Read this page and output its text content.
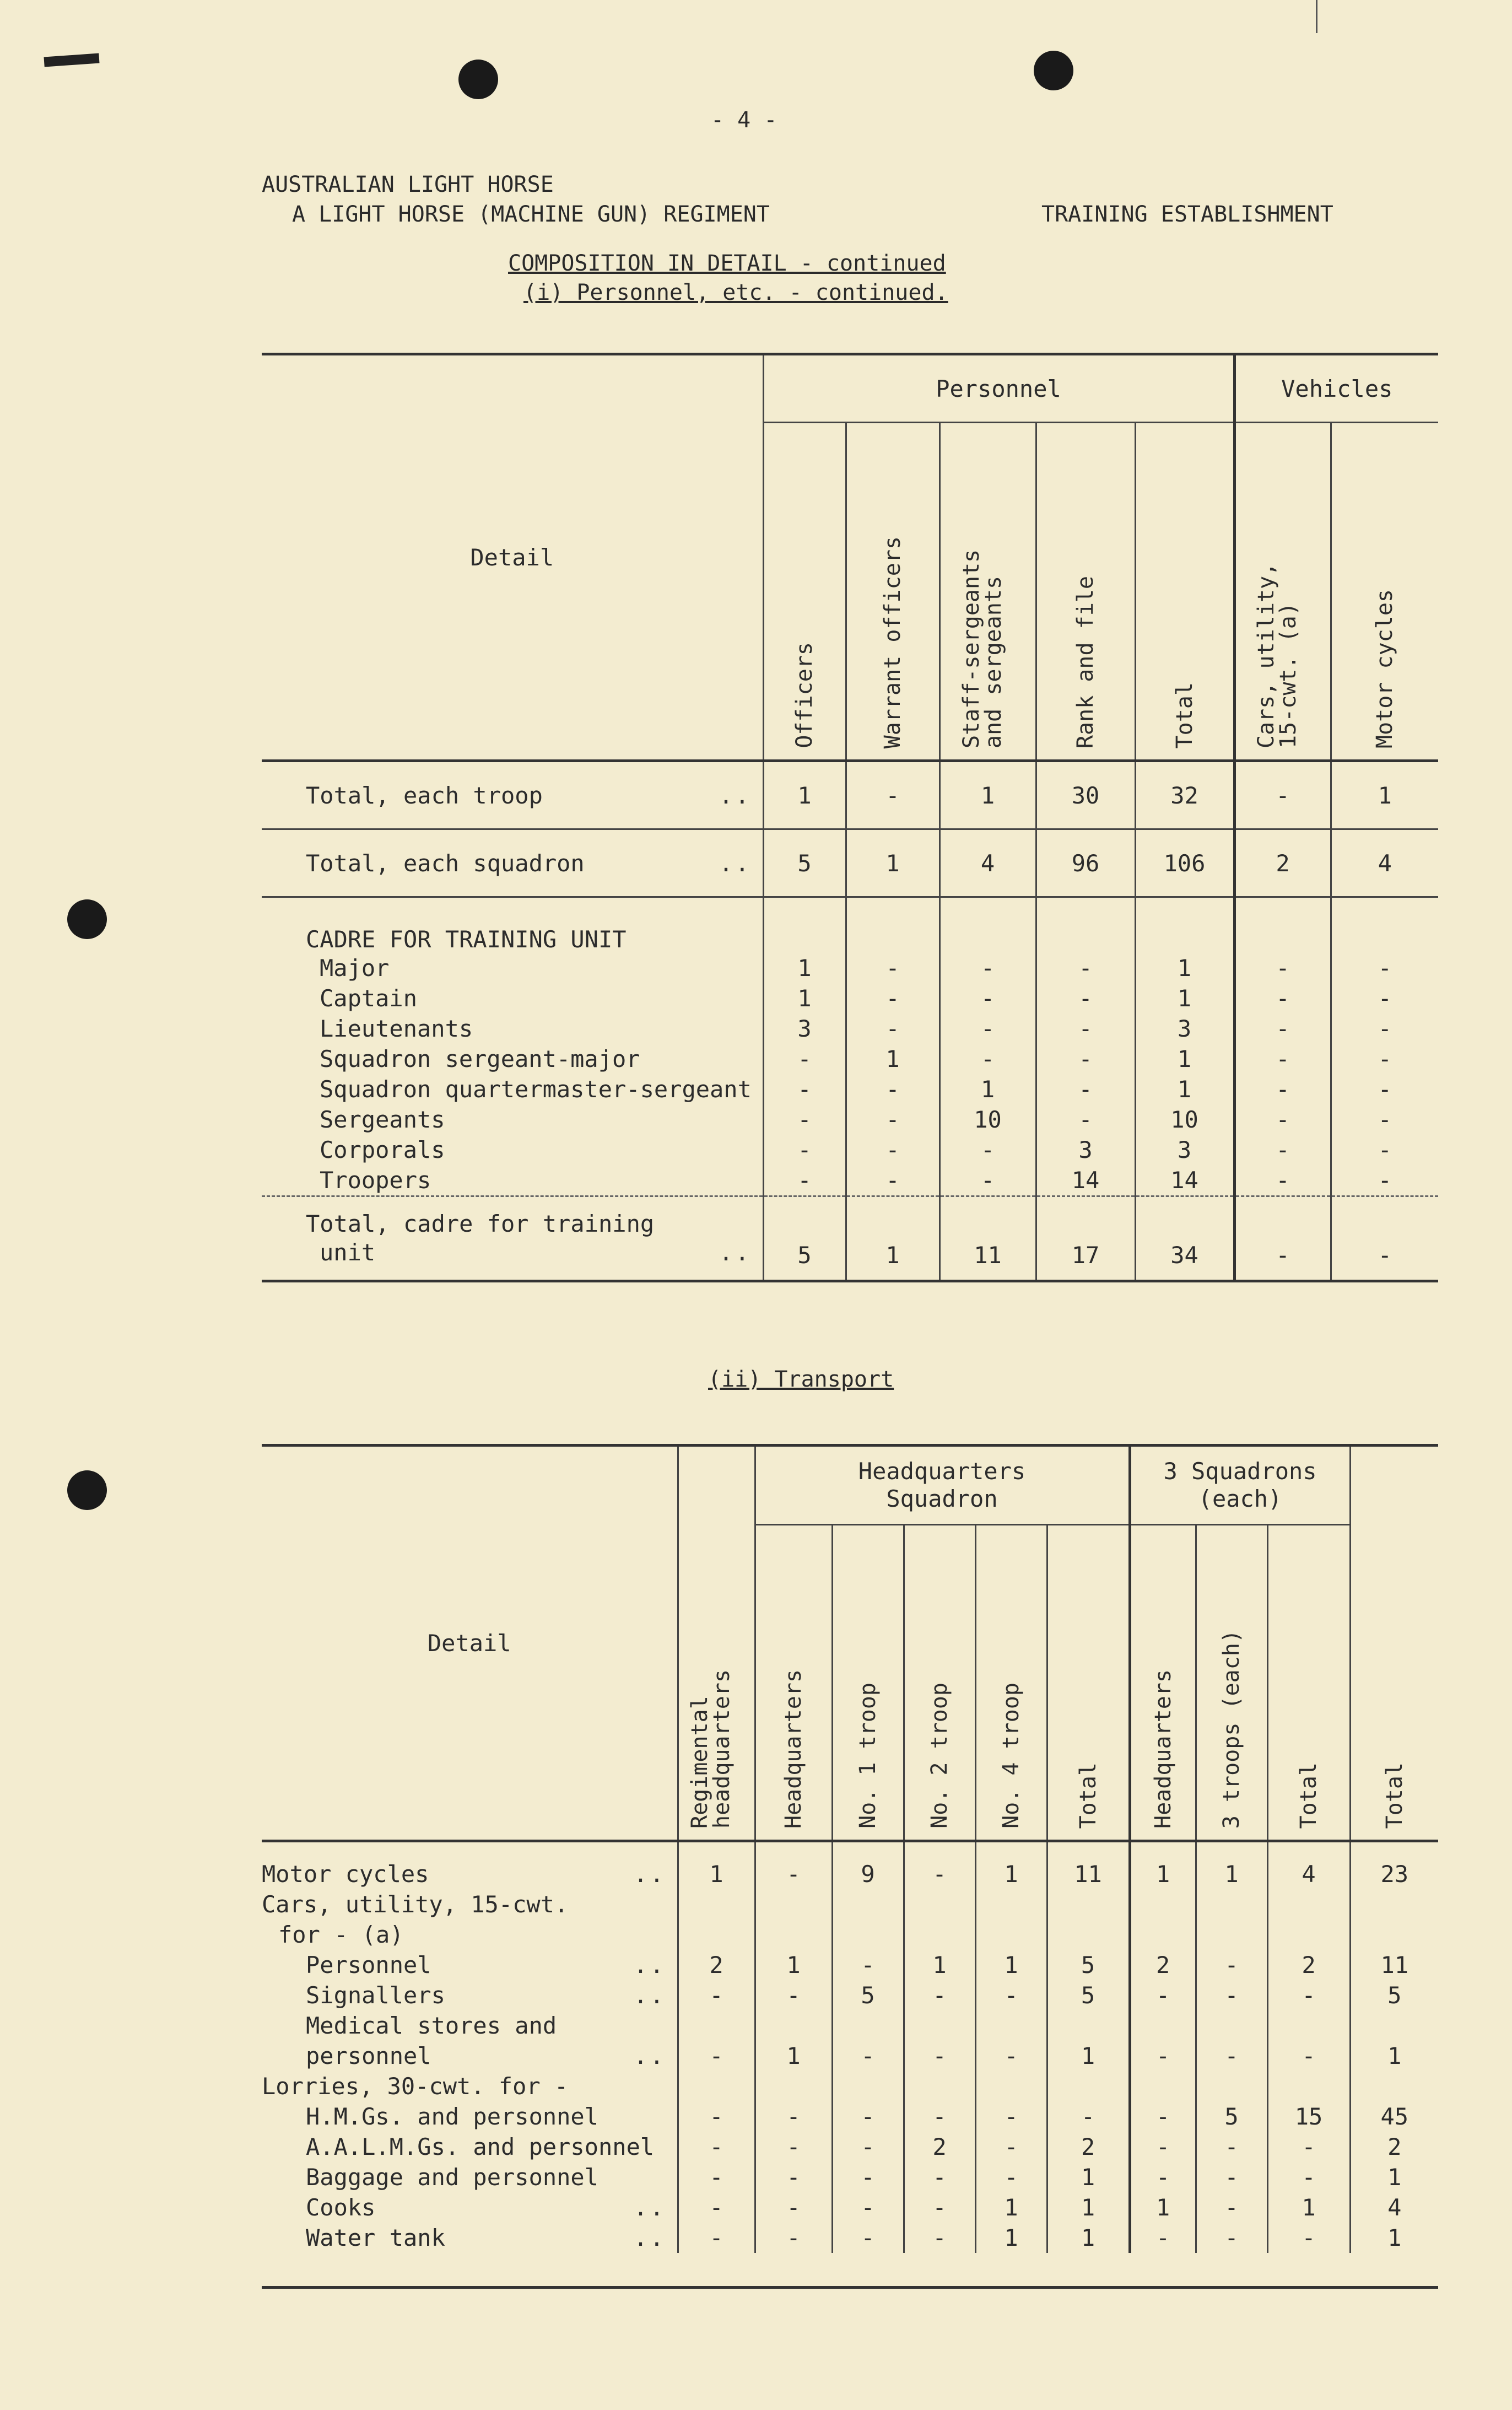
- 4 -
AUSTRALIAN LIGHT HORSE
A LIGHT HORSE (MACHINE GUN) REGIMENT	TRAINING ESTABLISHMENT
COMPOSITION IN DETAIL - continued
(i) Personnel, etc. - continued.
Detail	Personnel					Vehicles	

	Officers	Warrant officers	Staff-sergeants and sergeants	Rank and file	Total	Cars, utility, 15-cwt. (a)	Motor cycles

Total, each troop ..	1	-	1	30	32	-	1
Total, each squadron ..	5	1	4	96	106	2	4
CADRE FOR TRAINING UNIT							
Major	1	-	-	-	1	-	-
Captain	1	-	-	-	1	-	-
Lieutenants	3	-	-	-	3	-	-
Squadron sergeant-major	-	1	-	-	1	-	-
Squadron quartermaster-sergeant	-	-	1	-	1	-	-
Sergeants	-	-	10	-	10	-	-
Corporals	-	-	-	3	3	-	-
Troopers	-	-	-	14	14	-	-

Total, cadre for training
unit ..	5	1	11	17	34	-	-
(ii) Transport
Detail	Regimental headquarters	Headquarters Squadron					3 Squadrons (each)			Total

		Headquarters	No. 1 troop	No. 2 troop	No. 4 troop	Total	Headquarters	3 troops (each)	Total	

Motor cycles ..	1	-	9	-	1	11	1	1	4	23
Cars, utility, 15-cwt.										
for - (a)										
Personnel ..	2	1	-	1	1	5	2	-	2	11
Signallers ..	-	-	5	-	-	5	-	-	-	5
Medical stores and										
personnel ..	-	1	-	-	-	1	-	-	-	1
Lorries, 30-cwt. for -										
H.M.Gs. and personnel	-	-	-	-	-	-	-	5	15	45
A.A.L.M.Gs. and personnel	-	-	-	2	-	2	-	-	-	2
Baggage and personnel	-	-	-	-	-	1	-	-	-	1
Cooks ..	-	-	-	-	1	1	1	-	1	4
Water tank ..	-	-	-	-	1	1	-	-	-	1
